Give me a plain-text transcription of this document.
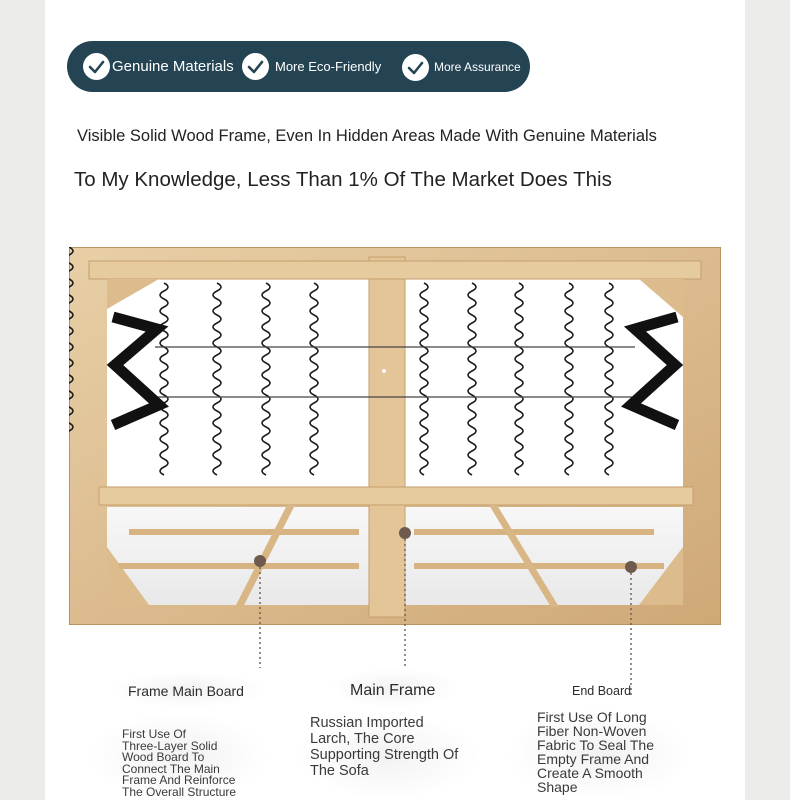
Genuine Materials	More Eco-Friendly	More Assurance
Visible Solid Wood Frame, Even In Hidden Areas Made With Genuine Materials
To My Knowledge, Less Than 1% Of The Market Does This
Frame Main Board	Main Frame	End Board
First Use Of
Three-Layer Solid
Wood Board To
Connect The Main
Frame And Reinforce
The Overall Structure
Russian Imported
Larch, The Core
Supporting Strength Of
The Sofa
First Use Of Long
Fiber Non-Woven
Fabric To Seal The
Empty Frame And
Create A Smooth
Shape
